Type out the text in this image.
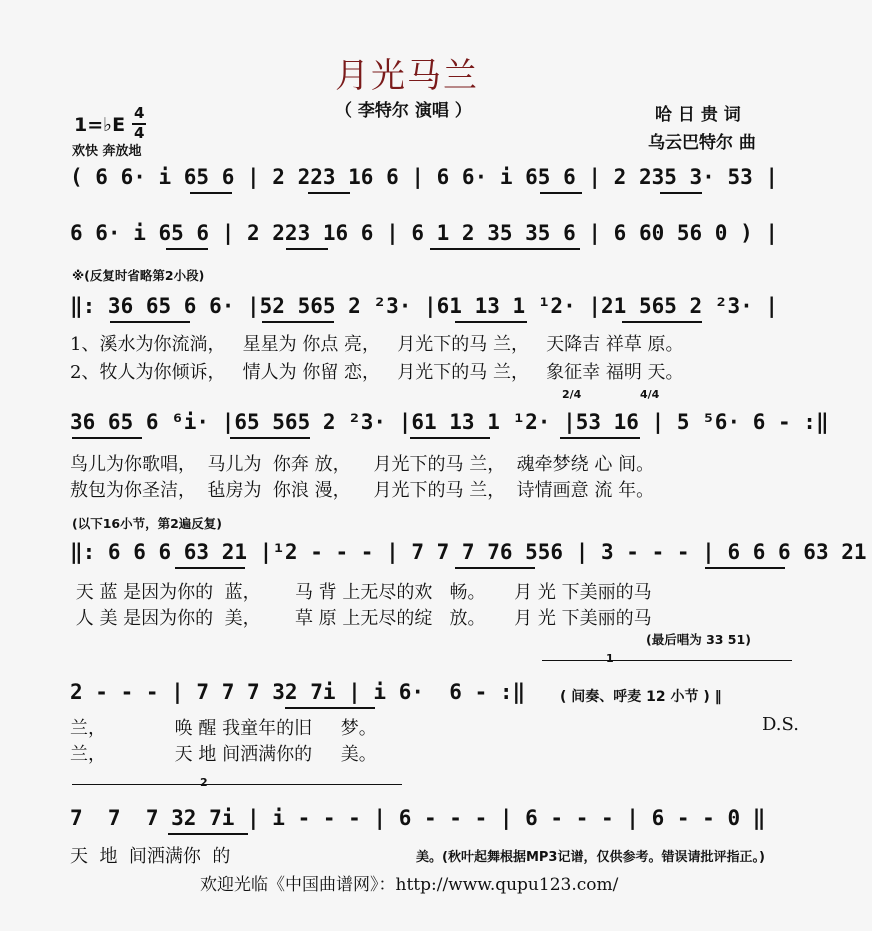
月光马兰
（ 李特尔 演唱 ）	哈 日 贵 词
乌云巴特尔 曲
1=♭E
4
4
欢快 奔放地
( 6 6· i 65 6 | 2 223 16 6 | 6 6· i 65 6 | 2 235 3· 53 |
6 6· i 65 6 | 2 223 16 6 | 6 1 2 35 35 6 | 6 60 56 0 ) |
※(反复时省略第2小段)
‖: 36 65 6 6· |52 565 2 ²3· |61 13 1 ¹2· |21 565 2 ²3· |
1、溪水为你流淌，   星星为 你点 亮，   月光下的马 兰，   天降吉 祥草 原。
2、牧人为你倾诉，   情人为 你留 恋，   月光下的马 兰，   象征幸 福明 天。
36 65 6 ⁶i· |65 565 2 ²3· |61 13 1 ¹2· |53 16 | 5 ⁵6· 6 - :‖
2/4	4/4
鸟儿为你歌唱，  马儿为  你奔 放，    月光下的马 兰，  魂牵梦绕 心 间。
敖包为你圣洁，  毡房为  你浪 漫，    月光下的马 兰，  诗情画意 流 年。
(以下16小节，第2遍反复)
‖: 6 6 6 63 21 |¹2 - - - | 7 7 7 76 556 | 3 - - - | 6 6 6 63 21
天 蓝 是因为你的  蓝，      马 背 上无尽的欢   畅。     月 光 下美丽的马
人 美 是因为你的  美，      草 原 上无尽的绽   放。     月 光 下美丽的马
(最后唱为 33 51)
1
2 - - - | 7 7 7 32 7i | i 6·  6 - :‖ ( 间奏、呼麦 12 小节 ) ‖
兰，            唤 醒 我童年的旧     梦。
兰，            天 地 间洒满你的     美。
D.S.
2
7  7  7 32 7i | i - - - | 6 - - - | 6 - - - | 6 - - 0 ‖
天  地  间洒满你  的	美。(秋叶起舞根据MP3记谱，仅供参考。错误请批评指正。)
欢迎光临《中国曲谱网》：http://www.qupu123.com/
